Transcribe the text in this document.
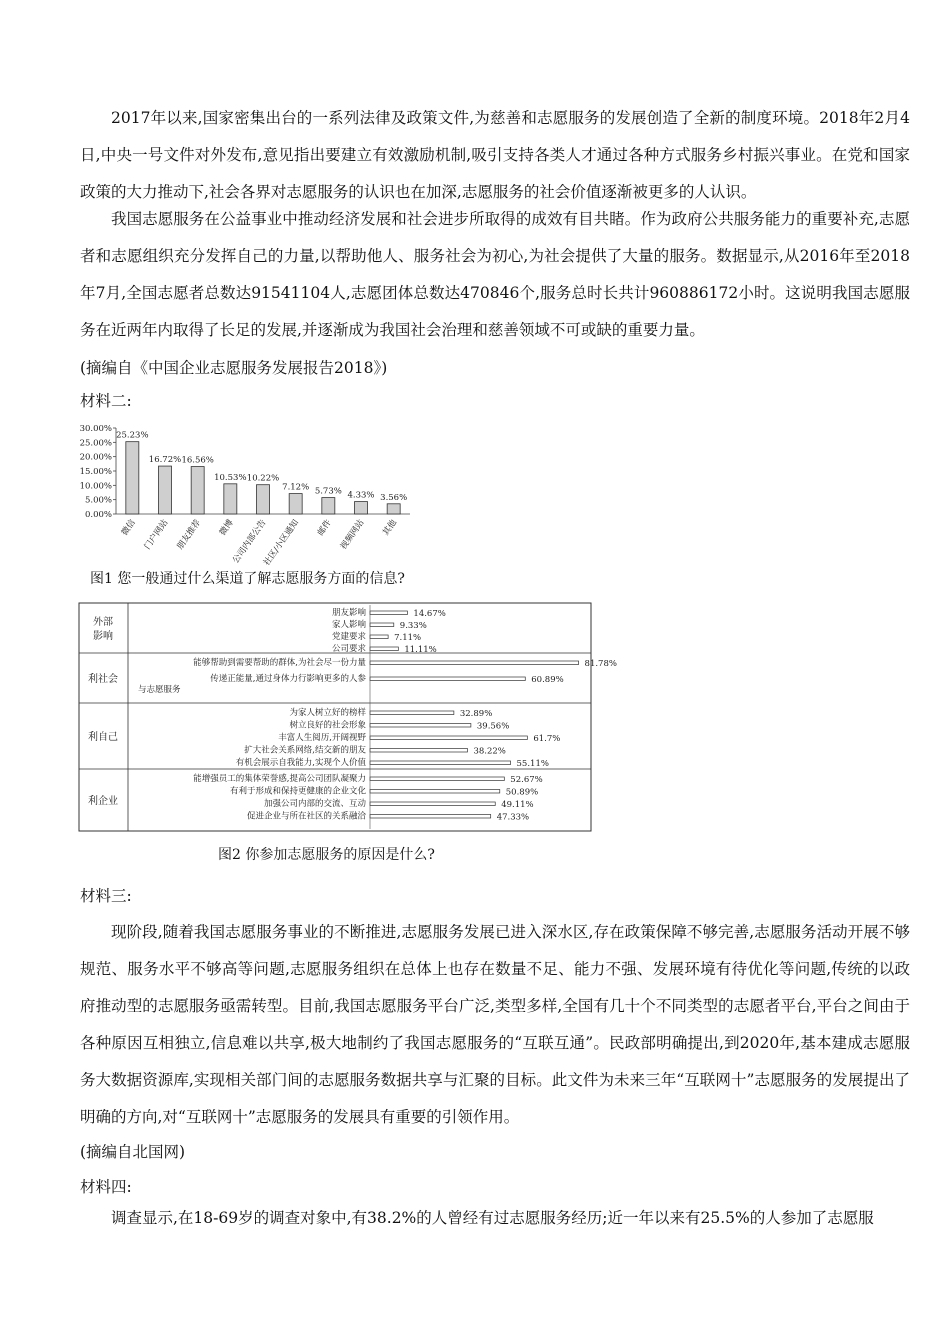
2017年以来,国家密集出台的一系列法律及政策文件,为慈善和志愿服务的发展创造了全新的制度环境。2018年2月4日,中央一号文件对外发布,意见指出要建立有效激励机制,吸引支持各类人才通过各种方式服务乡村振兴事业。在党和国家政策的大力推动下,社会各界对志愿服务的认识也在加深,志愿服务的社会价值逐渐被更多的人认识。

我国志愿服务在公益事业中推动经济发展和社会进步所取得的成效有目共睹。作为政府公共服务能力的重要补充,志愿者和志愿组织充分发挥自己的力量,以帮助他人、服务社会为初心,为社会提供了大量的服务。数据显示,从2016年至2018年7月,全国志愿者总数达91541104人,志愿团体总数达470846个,服务总时长共计960886172小时。这说明我国志愿服务在近两年内取得了长足的发展,并逐渐成为我国社会治理和慈善领域不可或缺的重要力量。

(摘编自《中国企业志愿服务发展报告2018》)

材料二:

0.00%
5.00%
10.00%
15.00%
20.00%
25.00%
30.00%
25.23%
微信
16.72%
门户网站
16.56%
朋友推荐
10.53%
微博
10.22%
公司内部公告
7.12%
社区/小区通知
5.73%
邮件
4.33%
视频网站
3.56%
其他

图1 您一般通过什么渠道了解志愿服务方面的信息?

外部
影响
朋友影响	14.67%
家人影响	9.33%
党建要求	7.11%
公司要求	11.11%
利社会
能够帮助到需要帮助的群体,为社会尽一份力量	81.78%
传递正能量,通过身体力行影响更多的人参	60.89%
与志愿服务
利自己
为家人树立好的榜样	32.89%
树立良好的社会形象	39.56%
丰富人生阅历,开阔视野	61.7%
扩大社会关系网络,结交新的朋友	38.22%
有机会展示自我能力,实现个人价值	55.11%
利企业
能增强员工的集体荣誉感,提高公司团队凝聚力	52.67%
有利于形成和保持更健康的企业文化	50.89%
加强公司内部的交流、互动	49.11%
促进企业与所在社区的关系融洽	47.33%

图2 你参加志愿服务的原因是什么?

材料三:

现阶段,随着我国志愿服务事业的不断推进,志愿服务发展已进入深水区,存在政策保障不够完善,志愿服务活动开展不够规范、服务水平不够高等问题,志愿服务组织在总体上也存在数量不足、能力不强、发展环境有待优化等问题,传统的以政府推动型的志愿服务亟需转型。目前,我国志愿服务平台广泛,类型多样,全国有几十个不同类型的志愿者平台,平台之间由于各种原因互相独立,信息难以共享,极大地制约了我国志愿服务的“互联互通”。民政部明确提出,到2020年,基本建成志愿服务大数据资源库,实现相关部门间的志愿服务数据共享与汇聚的目标。此文件为未来三年“互联网十”志愿服务的发展提出了明确的方向,对“互联网十”志愿服务的发展具有重要的引领作用。

(摘编自北国网)

材料四:

调查显示,在18-69岁的调查对象中,有38.2%的人曾经有过志愿服务经历;近一年以来有25.5%的人参加了志愿服
